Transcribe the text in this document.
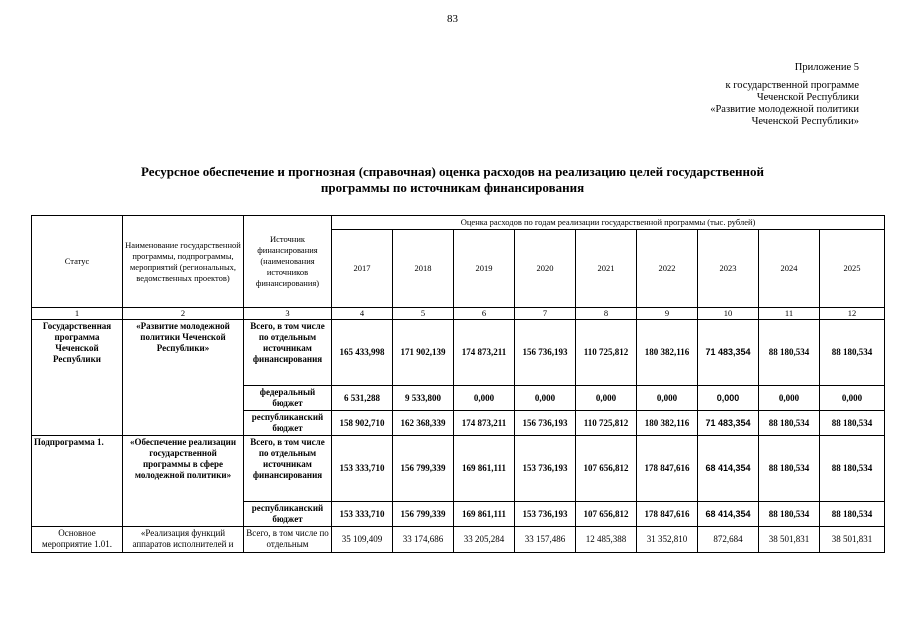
83
Приложение 5
к государственной программе
Чеченской Республики
«Развитие молодежной политики
Чеченской Республики»
Ресурсное обеспечение и прогнозная (справочная) оценка расходов на реализацию целей государственной
программы по источникам финансирования
Статус	Наименование государственной программы, подпрограммы, мероприятий (региональных, ведомственных проектов)	Источник финансирования (наименования источников финансирования)	Оценка расходов по годам реализации государственной программы (тыс. рублей)								
			2017	2018	2019	2020	2021	2022	2023	2024	2025
1	2	3	4	5	6	7	8	9	10	11	12
Государственная программа Чеченской Республики	«Развитие молодежной политики Чеченской Республики»	Всего, в том числе по отдельным источникам финансирования	165 433,998	171 902,139	174 873,211	156 736,193	110 725,812	180 382,116	71 483,354	88 180,534	88 180,534
		федеральный бюджет	6 531,288	9 533,800	0,000	0,000	0,000	0,000	0,000	0,000	0,000
		республиканский бюджет	158 902,710	162 368,339	174 873,211	156 736,193	110 725,812	180 382,116	71 483,354	88 180,534	88 180,534
Подпрограмма 1.	«Обеспечение реализации государственной программы в сфере молодежной политики»	Всего, в том числе по отдельным источникам финансирования	153 333,710	156 799,339	169 861,111	153 736,193	107 656,812	178 847,616	68 414,354	88 180,534	88 180,534
		республиканский бюджет	153 333,710	156 799,339	169 861,111	153 736,193	107 656,812	178 847,616	68 414,354	88 180,534	88 180,534
Основное мероприятие 1.01.	«Реализация функций аппаратов исполнителей и	Всего, в том числе по отдельным	35 109,409	33 174,686	33 205,284	33 157,486	12 485,388	31 352,810	872,684	38 501,831	38 501,831
